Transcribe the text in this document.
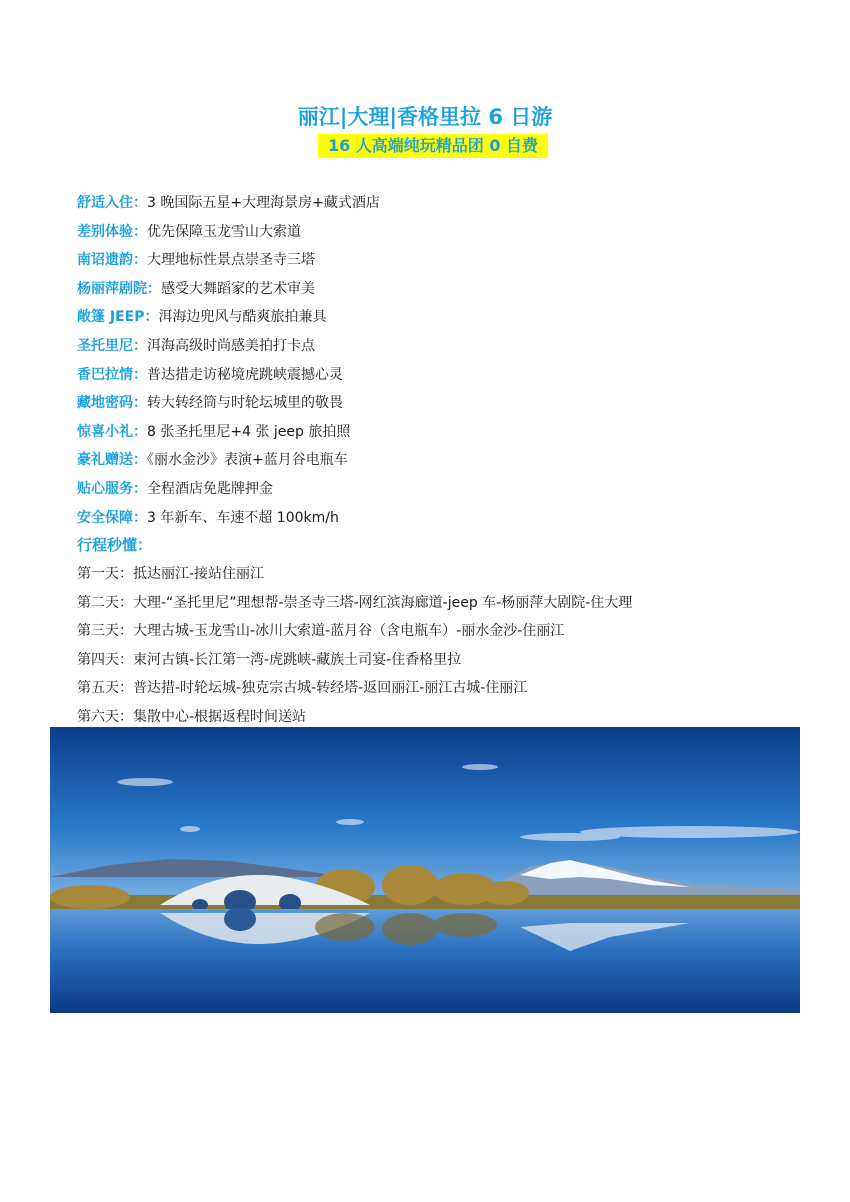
丽江|大理|香格里拉 6 日游
16 人高端纯玩精品团 0 自费
舒适入住：3 晚国际五星+大理海景房+藏式酒店
差别体验：优先保障玉龙雪山大索道
南诏遗韵：大理地标性景点崇圣寺三塔
杨丽萍剧院：感受大舞蹈家的艺术审美
敞篷 JEEP：洱海边兜风与酷爽旅拍兼具
圣托里尼：洱海高级时尚感美拍打卡点
香巴拉情：普达措走访秘境虎跳峡震撼心灵
藏地密码：转大转经筒与时轮坛城里的敬畏
惊喜小礼：8 张圣托里尼+4 张 jeep 旅拍照
豪礼赠送：《丽水金沙》表演+蓝月谷电瓶车
贴心服务：全程酒店免匙牌押金
安全保障：3 年新车、车速不超 100km/h
行程秒懂：
第一天：抵达丽江-接站住丽江
第二天：大理-“圣托里尼”理想帮-崇圣寺三塔-网红滨海廊道-jeep 车-杨丽萍大剧院-住大理
第三天：大理古城-玉龙雪山-冰川大索道-蓝月谷（含电瓶车）-丽水金沙-住丽江
第四天：束河古镇-长江第一湾-虎跳峡-藏族土司宴-住香格里拉
第五天：普达措-时轮坛城-独克宗古城-转经塔-返回丽江-丽江古城-住丽江
第六天：集散中心-根据返程时间送站
